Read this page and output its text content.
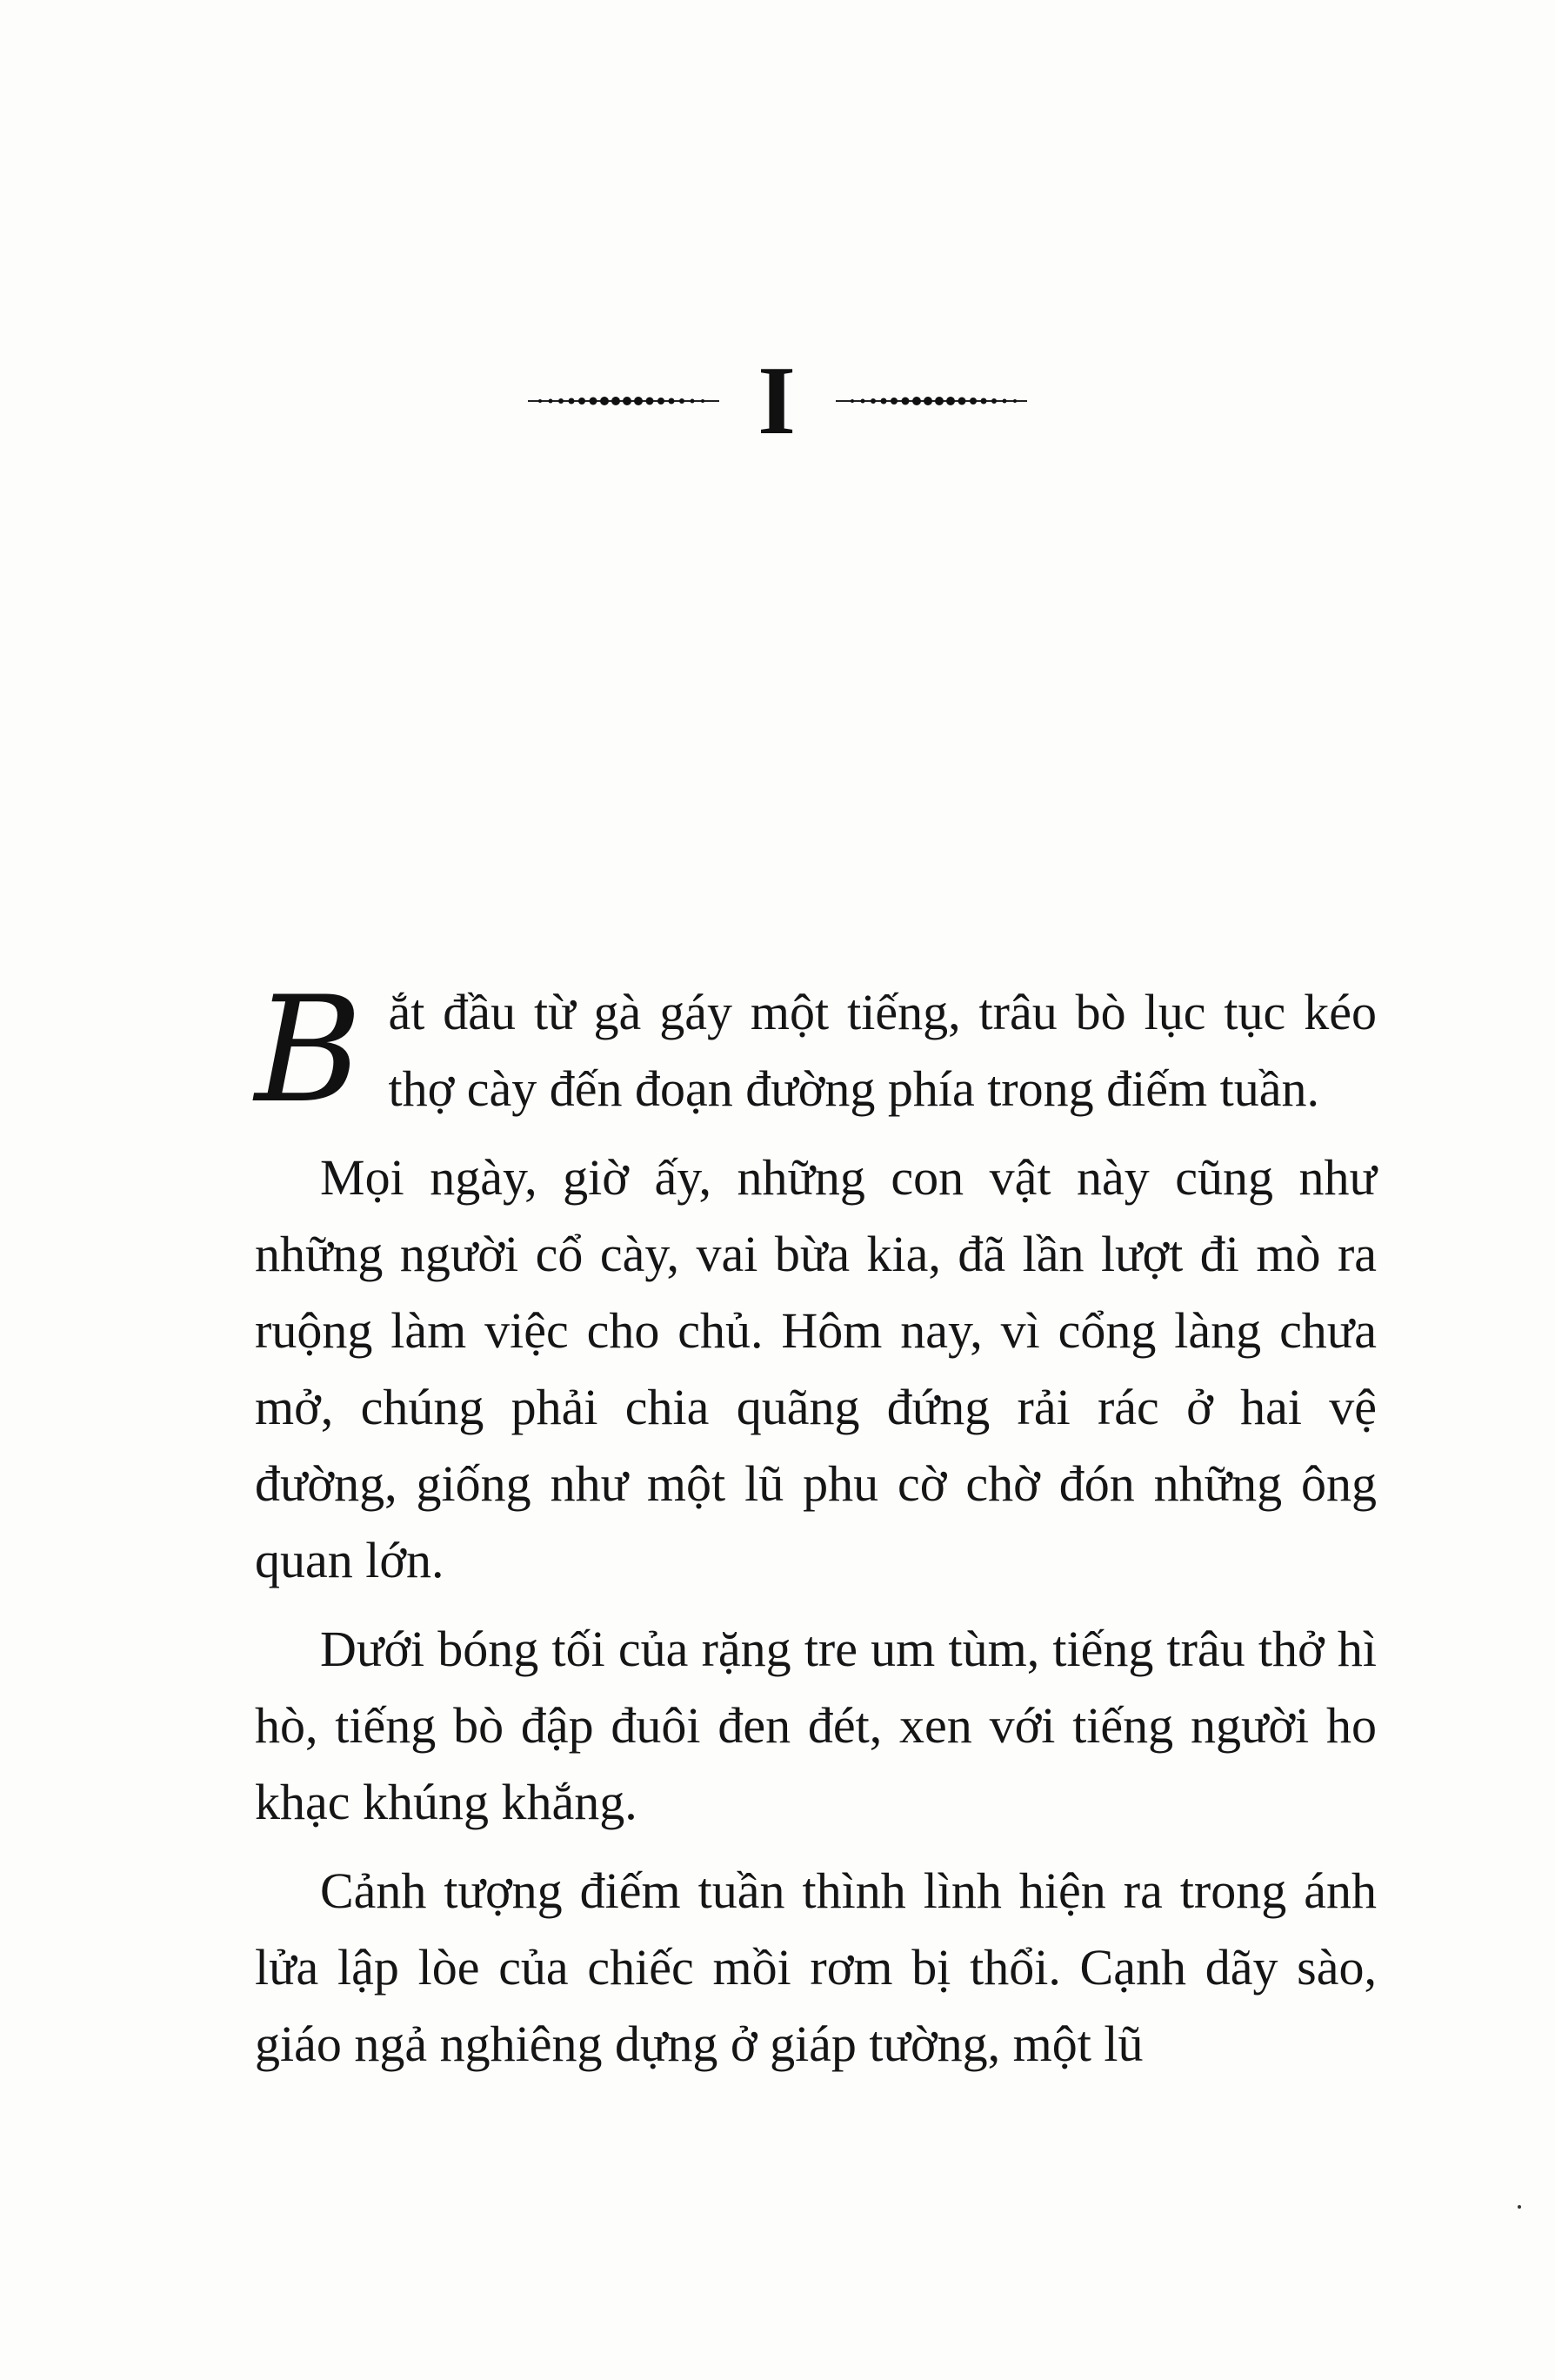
I

Bắt đầu từ gà gáy một tiếng, trâu bò lục tục kéo thợ cày đến đoạn đường phía trong điếm tuần.

Mọi ngày, giờ ấy, những con vật này cũng như những người cổ cày, vai bừa kia, đã lần lượt đi mò ra ruộng làm việc cho chủ. Hôm nay, vì cổng làng chưa mở, chúng phải chia quãng đứng rải rác ở hai vệ đường, giống như một lũ phu cờ chờ đón những ông quan lớn.

Dưới bóng tối của rặng tre um tùm, tiếng trâu thở hì hò, tiếng bò đập đuôi đen đét, xen với tiếng người ho khạc khúng khắng.

Cảnh tượng điếm tuần thình lình hiện ra trong ánh lửa lập lòe của chiếc mồi rơm bị thổi. Cạnh dãy sào, giáo ngả nghiêng dựng ở giáp tường, một lũ
